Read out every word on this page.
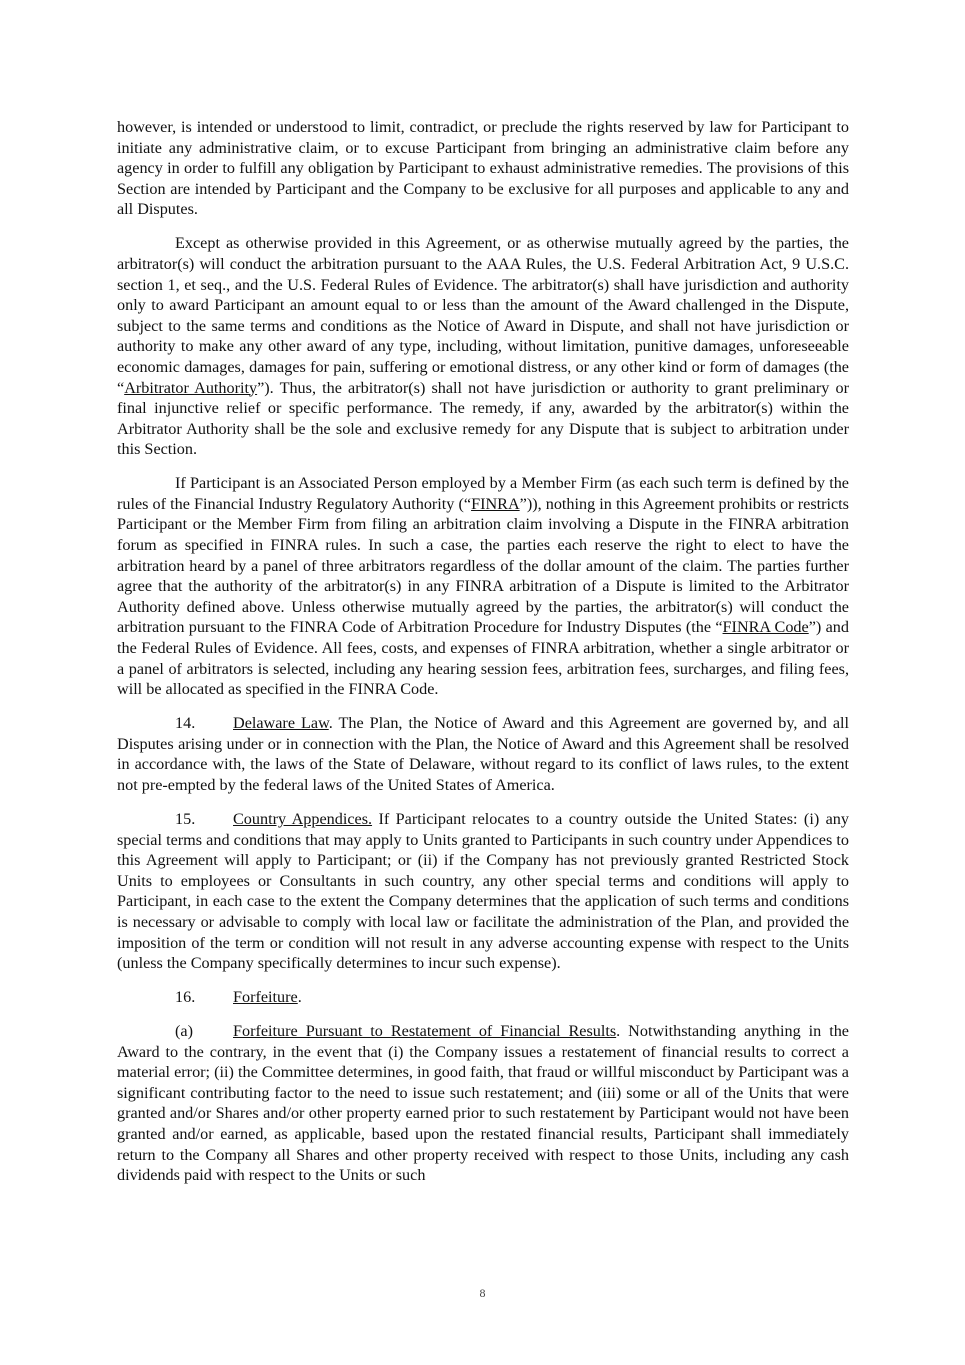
however, is intended or understood to limit, contradict, or preclude the rights reserved by law for Participant to initiate any administrative claim, or to excuse Participant from bringing an administrative claim before any agency in order to fulfill any obligation by Participant to exhaust administrative remedies. The provisions of this Section are intended by Participant and the Company to be exclusive for all purposes and applicable to any and all Disputes.

Except as otherwise provided in this Agreement, or as otherwise mutually agreed by the parties, the arbitrator(s) will conduct the arbitration pursuant to the AAA Rules, the U.S. Federal Arbitration Act, 9 U.S.C. section 1, et seq., and the U.S. Federal Rules of Evidence. The arbitrator(s) shall have jurisdiction and authority only to award Participant an amount equal to or less than the amount of the Award challenged in the Dispute, subject to the same terms and conditions as the Notice of Award in Dispute, and shall not have jurisdiction or authority to make any other award of any type, including, without limitation, punitive damages, unforeseeable economic damages, damages for pain, suffering or emotional distress, or any other kind or form of damages (the “Arbitrator Authority”). Thus, the arbitrator(s) shall not have jurisdiction or authority to grant preliminary or final injunctive relief or specific performance. The remedy, if any, awarded by the arbitrator(s) within the Arbitrator Authority shall be the sole and exclusive remedy for any Dispute that is subject to arbitration under this Section.

If Participant is an Associated Person employed by a Member Firm (as each such term is defined by the rules of the Financial Industry Regulatory Authority (“FINRA”)), nothing in this Agreement prohibits or restricts Participant or the Member Firm from filing an arbitration claim involving a Dispute in the FINRA arbitration forum as specified in FINRA rules. In such a case, the parties each reserve the right to elect to have the arbitration heard by a panel of three arbitrators regardless of the dollar amount of the claim. The parties further agree that the authority of the arbitrator(s) in any FINRA arbitration of a Dispute is limited to the Arbitrator Authority defined above. Unless otherwise mutually agreed by the parties, the arbitrator(s) will conduct the arbitration pursuant to the FINRA Code of Arbitration Procedure for Industry Disputes (the “FINRA Code”) and the Federal Rules of Evidence. All fees, costs, and expenses of FINRA arbitration, whether a single arbitrator or a panel of arbitrators is selected, including any hearing session fees, arbitration fees, surcharges, and filing fees, will be allocated as specified in the FINRA Code.

14. Delaware Law. The Plan, the Notice of Award and this Agreement are governed by, and all Disputes arising under or in connection with the Plan, the Notice of Award and this Agreement shall be resolved in accordance with, the laws of the State of Delaware, without regard to its conflict of laws rules, to the extent not pre-empted by the federal laws of the United States of America.

15. Country Appendices. If Participant relocates to a country outside the United States: (i) any special terms and conditions that may apply to Units granted to Participants in such country under Appendices to this Agreement will apply to Participant; or (ii) if the Company has not previously granted Restricted Stock Units to employees or Consultants in such country, any other special terms and conditions will apply to Participant, in each case to the extent the Company determines that the application of such terms and conditions is necessary or advisable to comply with local law or facilitate the administration of the Plan, and provided the imposition of the term or condition will not result in any adverse accounting expense with respect to the Units (unless the Company specifically determines to incur such expense).

16. Forfeiture.

(a) Forfeiture Pursuant to Restatement of Financial Results. Notwithstanding anything in the Award to the contrary, in the event that (i) the Company issues a restatement of financial results to correct a material error; (ii) the Committee determines, in good faith, that fraud or willful misconduct by Participant was a significant contributing factor to the need to issue such restatement; and (iii) some or all of the Units that were granted and/or Shares and/or other property earned prior to such restatement by Participant would not have been granted and/or earned, as applicable, based upon the restated financial results, Participant shall immediately return to the Company all Shares and other property received with respect to those Units, including any cash dividends paid with respect to the Units or such

8
